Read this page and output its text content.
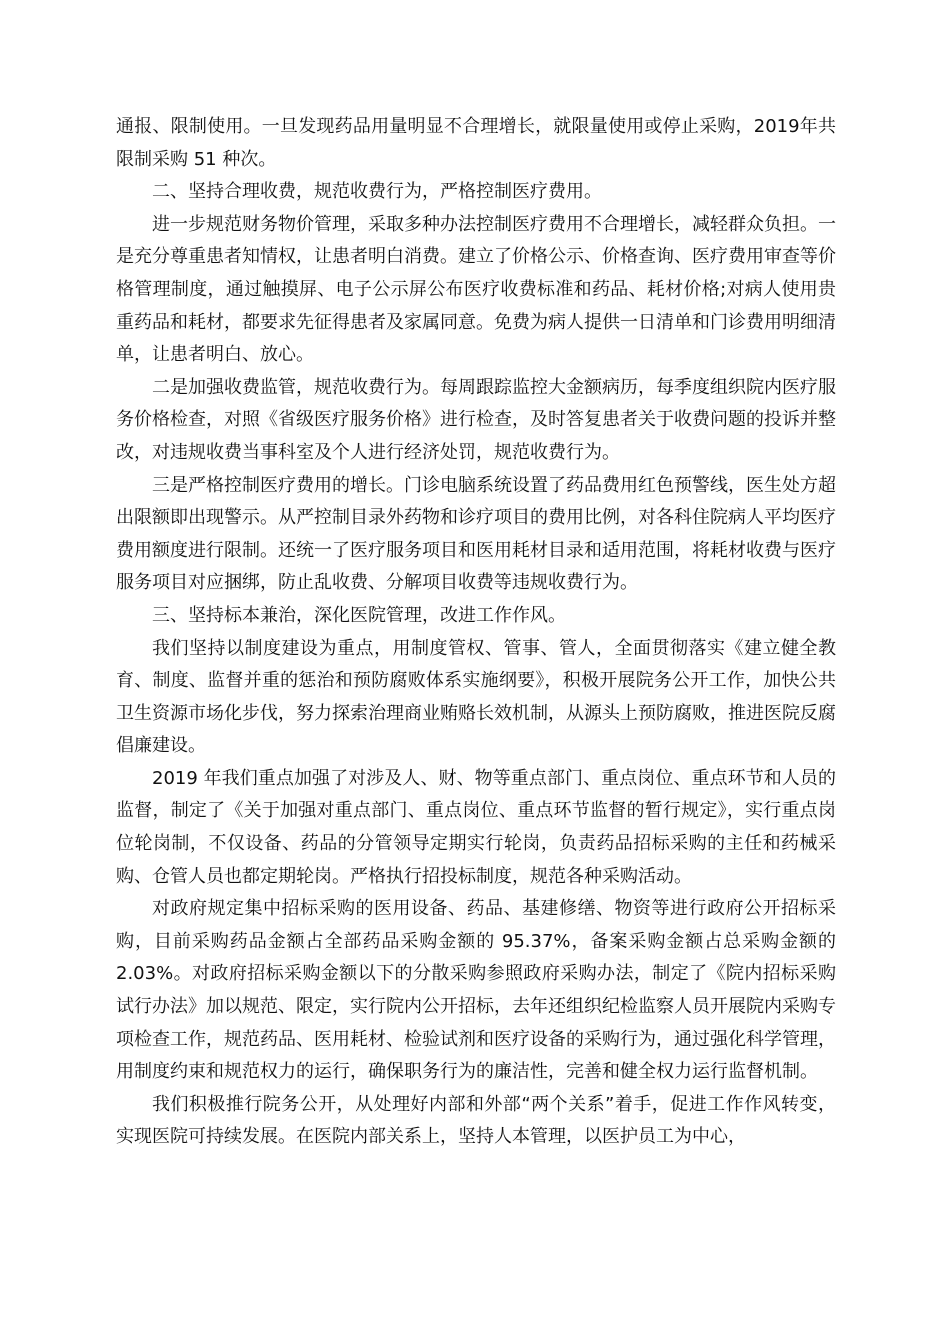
通报、限制使用。一旦发现药品用量明显不合理增长，就限量使用或停止采购，2019年共限制采购 51 种次。

二、坚持合理收费，规范收费行为，严格控制医疗费用。

进一步规范财务物价管理，采取多种办法控制医疗费用不合理增长，减轻群众负担。一是充分尊重患者知情权，让患者明白消费。建立了价格公示、价格查询、医疗费用审查等价格管理制度，通过触摸屏、电子公示屏公布医疗收费标准和药品、耗材价格;对病人使用贵重药品和耗材，都要求先征得患者及家属同意。免费为病人提供一日清单和门诊费用明细清单，让患者明白、放心。

二是加强收费监管，规范收费行为。每周跟踪监控大金额病历，每季度组织院内医疗服务价格检查，对照《省级医疗服务价格》进行检查，及时答复患者关于收费问题的投诉并整改，对违规收费当事科室及个人进行经济处罚，规范收费行为。

三是严格控制医疗费用的增长。门诊电脑系统设置了药品费用红色预警线，医生处方超出限额即出现警示。从严控制目录外药物和诊疗项目的费用比例，对各科住院病人平均医疗费用额度进行限制。还统一了医疗服务项目和医用耗材目录和适用范围，将耗材收费与医疗服务项目对应捆绑，防止乱收费、分解项目收费等违规收费行为。

三、坚持标本兼治，深化医院管理，改进工作作风。

我们坚持以制度建设为重点，用制度管权、管事、管人，全面贯彻落实《建立健全教育、制度、监督并重的惩治和预防腐败体系实施纲要》，积极开展院务公开工作，加快公共卫生资源市场化步伐，努力探索治理商业贿赂长效机制，从源头上预防腐败，推进医院反腐倡廉建设。

2019 年我们重点加强了对涉及人、财、物等重点部门、重点岗位、重点环节和人员的监督，制定了《关于加强对重点部门、重点岗位、重点环节监督的暂行规定》，实行重点岗位轮岗制，不仅设备、药品的分管领导定期实行轮岗，负责药品招标采购的主任和药械采购、仓管人员也都定期轮岗。严格执行招投标制度，规范各种采购活动。

对政府规定集中招标采购的医用设备、药品、基建修缮、物资等进行政府公开招标采购，目前采购药品金额占全部药品采购金额的 95.37%，备案采购金额占总采购金额的 2.03%。对政府招标采购金额以下的分散采购参照政府采购办法，制定了《院内招标采购试行办法》加以规范、限定，实行院内公开招标，去年还组织纪检监察人员开展院内采购专项检查工作，规范药品、医用耗材、检验试剂和医疗设备的采购行为，通过强化科学管理，用制度约束和规范权力的运行，确保职务行为的廉洁性，完善和健全权力运行监督机制。

我们积极推行院务公开，从处理好内部和外部“两个关系”着手，促进工作作风转变，实现医院可持续发展。在医院内部关系上，坚持人本管理，以医护员工为中心，
